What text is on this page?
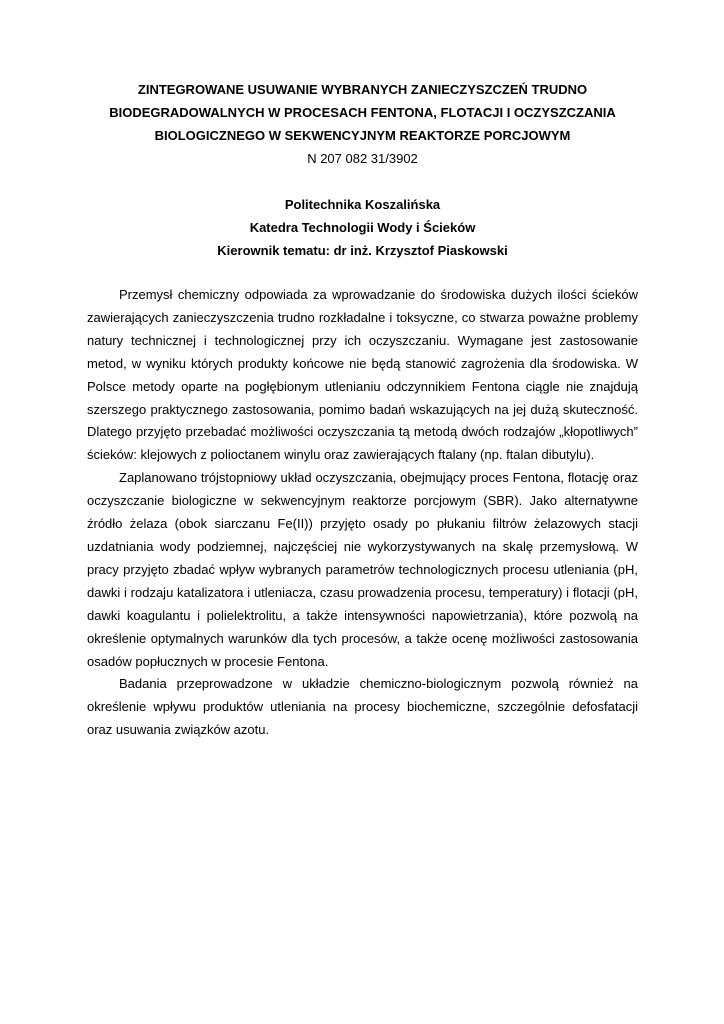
ZINTEGROWANE USUWANIE WYBRANYCH ZANIECZYSZCZEŃ TRUDNO
BIODEGRADOWALNYCH W PROCESACH FENTONA, FLOTACJI I OCZYSZCZANIA
BIOLOGICZNEGO W SEKWENCYJNYM REAKTORZE PORCJOWYM
N 207 082 31/3902
Politechnika Koszalińska
Katedra Technologii Wody i Ścieków
Kierownik tematu: dr inż. Krzysztof Piaskowski

Przemysł chemiczny odpowiada za wprowadzanie do środowiska dużych ilości ścieków zawierających zanieczyszczenia trudno rozkładalne i toksyczne, co stwarza poważne problemy natury technicznej i technologicznej przy ich oczyszczaniu. Wymagane jest zastosowanie metod, w wyniku których produkty końcowe nie będą stanowić zagrożenia dla środowiska. W Polsce metody oparte na pogłębionym utlenianiu odczynnikiem Fentona ciągle nie znajdują szerszego praktycznego zastosowania, pomimo badań wskazujących na jej dużą skuteczność. Dlatego przyjęto przebadać możliwości oczyszczania tą metodą dwóch rodzajów „kłopotliwych” ścieków: klejowych z polioctanem winylu oraz zawierających ftalany (np. ftalan dibutylu).

Zaplanowano trójstopniowy układ oczyszczania, obejmujący proces Fentona, flotację oraz oczyszczanie biologiczne w sekwencyjnym reaktorze porcjowym (SBR). Jako alternatywne źródło żelaza (obok siarczanu Fe(II)) przyjęto osady po płukaniu filtrów żelazowych stacji uzdatniania wody podziemnej, najczęściej nie wykorzystywanych na skalę przemysłową. W pracy przyjęto zbadać wpływ wybranych parametrów technologicznych procesu utleniania (pH, dawki i rodzaju katalizatora i utleniacza, czasu prowadzenia procesu, temperatury) i flotacji (pH, dawki koagulantu i polielektrolitu, a także intensywności napowietrzania), które pozwolą na określenie optymalnych warunków dla tych procesów, a także ocenę możliwości zastosowania osadów popłucznych w procesie Fentona.

Badania przeprowadzone w układzie chemiczno-biologicznym pozwolą również na określenie wpływu produktów utleniania na procesy biochemiczne, szczególnie defosfatacji oraz usuwania związków azotu.
